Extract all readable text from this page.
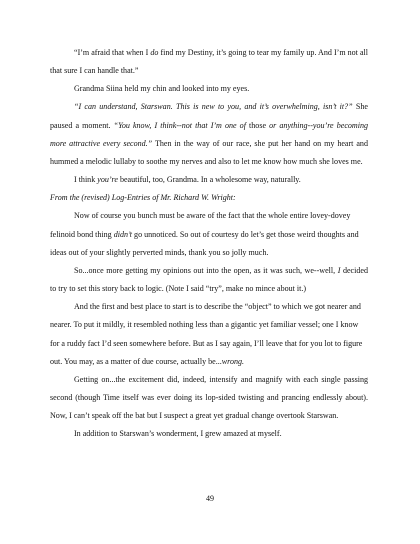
“I’m afraid that when I do find my Destiny, it’s going to tear my family up. And I’m not all that sure I can handle that.”

Grandma Siina held my chin and looked into my eyes.

“I can understand, Starswan. This is new to you, and it’s overwhelming, isn’t it?” She paused a moment. “You know, I think--not that I’m one of those or anything--you’re becoming more attractive every second.” Then in the way of our race, she put her hand on my heart and hummed a melodic lullaby to soothe my nerves and also to let me know how much she loves me.

I think you’re beautiful, too, Grandma. In a wholesome way, naturally.

From the (revised) Log-Entries of Mr. Richard W. Wright:

Now of course you bunch must be aware of the fact that the whole entire lovey-dovey felinoid bond thing didn’t go unnoticed. So out of courtesy do let’s get those weird thoughts and ideas out of your slightly perverted minds, thank you so jolly much.

So...once more getting my opinions out into the open, as it was such, we--well, I decided to try to set this story back to logic. (Note I said “try”, make no mince about it.)

And the first and best place to start is to describe the “object” to which we got nearer and nearer. To put it mildly, it resembled nothing less than a gigantic yet familiar vessel; one I know for a ruddy fact I’d seen somewhere before. But as I say again, I’ll leave that for you lot to figure out. You may, as a matter of due course, actually be...wrong.

Getting on...the excitement did, indeed, intensify and magnify with each single passing second (though Time itself was ever doing its lop-sided twisting and prancing endlessly about). Now, I can’t speak off the bat but I suspect a great yet gradual change overtook Starswan.

In addition to Starswan’s wonderment, I grew amazed at myself.

49
